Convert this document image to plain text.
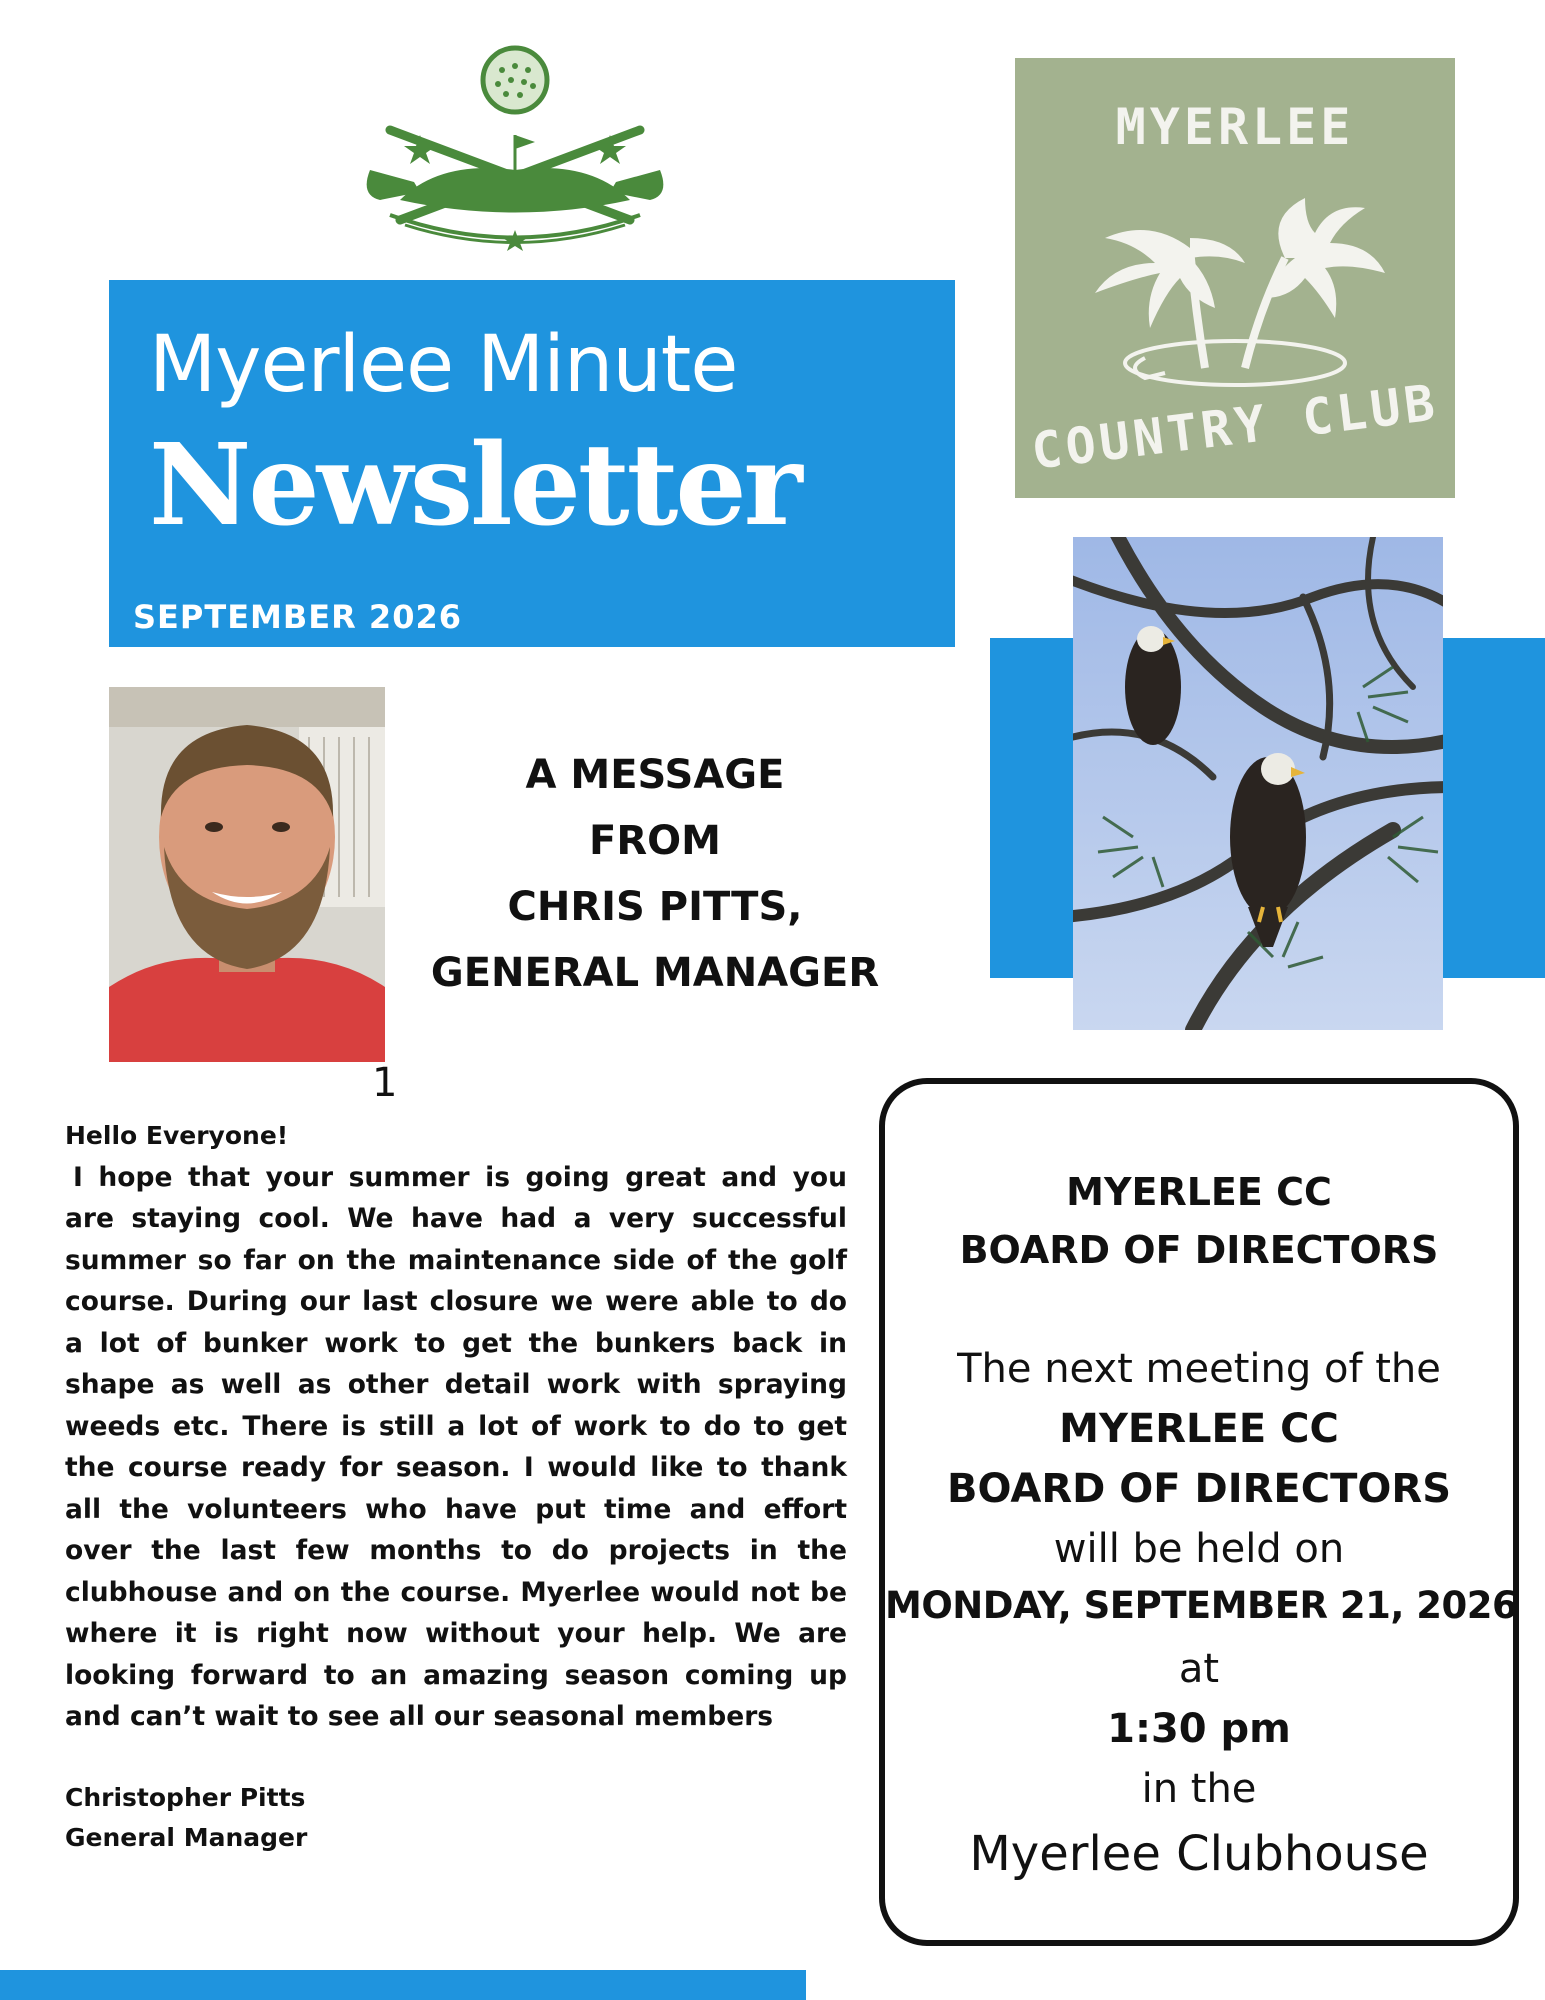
Myerlee Minute
Newsletter
SEPTEMBER 2026
MYERLEE
COUNTRY CLUB
1
A MESSAGE
FROM
CHRIS PITTS,
GENERAL MANAGER
Hello Everyone!
I hope that your summer is going great and you are staying cool. We have had a very successful summer so far on the maintenance side of the golf course. During our last closure we were able to do a lot of bunker work to get the bunkers back in shape as well as other detail work with spraying weeds etc. There is still a lot of work to do to get the course ready for season. I would like to thank all the volunteers who have put time and effort over the last few months to do projects in the clubhouse and on the course. Myerlee would not be where it is right now without your help. We are looking forward to an amazing season coming up and can’t wait to see all our seasonal members
Christopher Pitts
General Manager
MYERLEE CC
BOARD OF DIRECTORS
The next meeting of the
MYERLEE CC
BOARD OF DIRECTORS
will be held on
MONDAY, SEPTEMBER 21, 2026
at
1:30 pm
in the
Myerlee Clubhouse
